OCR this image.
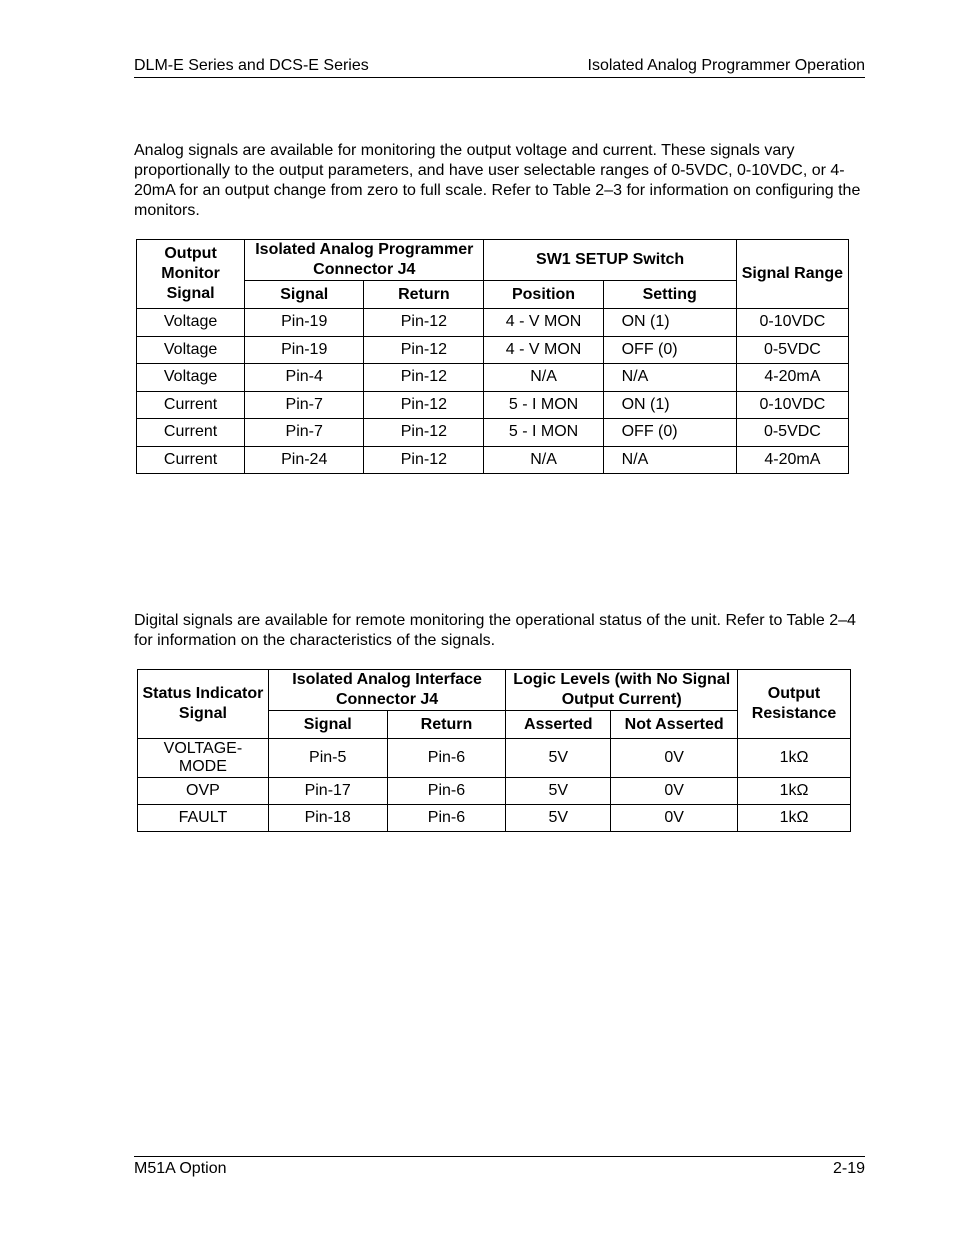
DLM-E Series and DCS-E Series	Isolated Analog Programmer Operation

Analog signals are available for monitoring the output voltage and current. These signals vary proportionally to the output parameters, and have user selectable ranges of 0-5VDC, 0-10VDC, or 4-20mA for an output change from zero to full scale. Refer to Table 2–3 for information on configuring the monitors.

Output Monitor Signal	Isolated Analog Programmer Connector J4		SW1 SETUP Switch		Signal Range
	Signal	Return	Position	Setting	
Voltage	Pin-19	Pin-12	4 - V MON	ON (1)	0-10VDC
Voltage	Pin-19	Pin-12	4 - V MON	OFF (0)	0-5VDC
Voltage	Pin-4	Pin-12	N/A	N/A	4-20mA
Current	Pin-7	Pin-12	5 - I MON	ON (1)	0-10VDC
Current	Pin-7	Pin-12	5 - I MON	OFF (0)	0-5VDC
Current	Pin-24	Pin-12	N/A	N/A	4-20mA

Digital signals are available for remote monitoring the operational status of the unit. Refer to Table 2–4 for information on the characteristics of the signals.

Status Indicator Signal	Isolated Analog Interface Connector J4		Logic Levels (with No Signal Output Current)		Output Resistance
	Signal	Return	Asserted	Not Asserted	
VOLTAGE-MODE	Pin-5	Pin-6	5V	0V	1kΩ
OVP	Pin-17	Pin-6	5V	0V	1kΩ
FAULT	Pin-18	Pin-6	5V	0V	1kΩ
M51A Option	2-19
